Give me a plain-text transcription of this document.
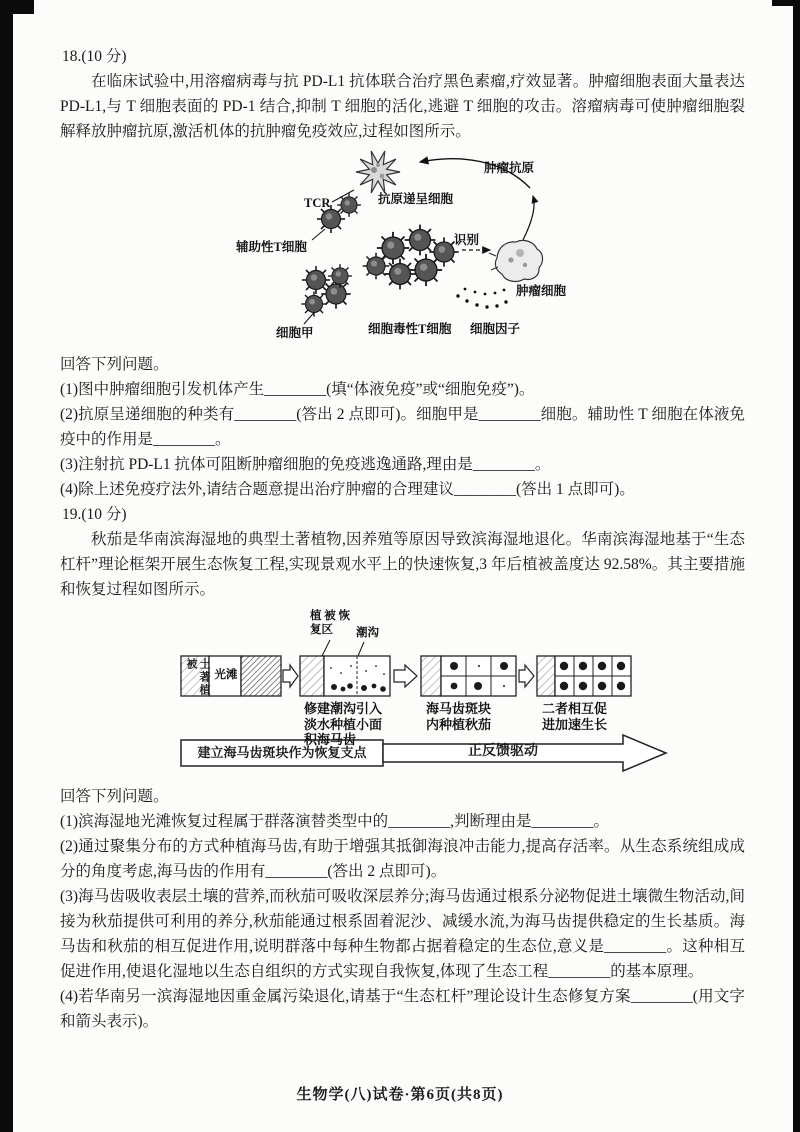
18.(10 分)

在临床试验中,用溶瘤病毒与抗 PD-L1 抗体联合治疗黑色素瘤,疗效显著。肿瘤细胞表面大量表达 PD-L1,与 T 细胞表面的 PD-1 结合,抑制 T 细胞的活化,逃避 T 细胞的攻击。溶瘤病毒可使肿瘤细胞裂解释放肿瘤抗原,激活机体的抗肿瘤免疫效应,过程如图所示。

肿瘤抗原
抗原递呈细胞
TCR
辅助性T细胞	识别
肿瘤细胞
细胞甲	细胞毒性T细胞 细胞因子

回答下列问题。

(1)图中肿瘤细胞引发机体产生________(填“体液免疫”或“细胞免疫”)。

(2)抗原呈递细胞的种类有________(答出 2 点即可)。细胞甲是________细胞。辅助性 T 细胞在体液免疫中的作用是________。

(3)注射抗 PD-L1 抗体可阻断肿瘤细胞的免疫逃逸通路,理由是________。

(4)除上述免疫疗法外,请结合题意提出治疗肿瘤的合理建议________(答出 1 点即可)。

19.(10 分)

秋茄是华南滨海湿地的典型土著植物,因养殖等原因导致滨海湿地退化。华南滨海湿地基于“生态杠杆”理论框架开展生态恢复工程,实现景观水平上的快速恢复,3 年后植被盖度达 92.58%。其主要措施和恢复过程如图所示。

土著植被
光滩
植被恢复区	潮沟
修建潮沟引入淡水种植小面积海马齿
海马齿斑块内种植秋茄
二者相互促进加速生长
建立海马齿斑块作为恢复支点	正反馈驱动

回答下列问题。

(1)滨海湿地光滩恢复过程属于群落演替类型中的________,判断理由是________。

(2)通过聚集分布的方式种植海马齿,有助于增强其抵御海浪冲击能力,提高存活率。从生态系统组成成分的角度考虑,海马齿的作用有________(答出 2 点即可)。

(3)海马齿吸收表层土壤的营养,而秋茄可吸收深层养分;海马齿通过根系分泌物促进土壤微生物活动,间接为秋茄提供可利用的养分,秋茄能通过根系固着泥沙、减缓水流,为海马齿提供稳定的生长基质。海马齿和秋茄的相互促进作用,说明群落中每种生物都占据着稳定的生态位,意义是________。这种相互促进作用,使退化湿地以生态自组织的方式实现自我恢复,体现了生态工程________的基本原理。

(4)若华南另一滨海湿地因重金属污染退化,请基于“生态杠杆”理论设计生态修复方案________(用文字和箭头表示)。

生物学(八)试卷·第6页(共8页)
